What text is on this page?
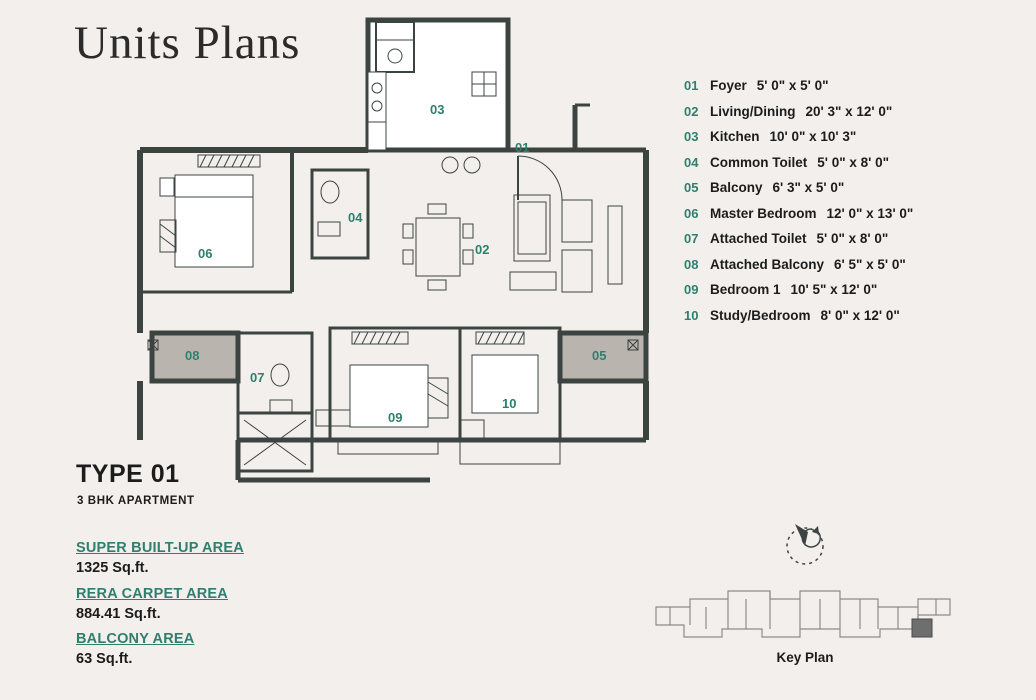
Units Plans
03
01
04
02
06
08	05
07
09
10
01 Foyer 5' 0" x 5' 0"
02 Living/Dining 20' 3" x 12' 0"
03 Kitchen 10' 0" x 10' 3"
04 Common Toilet 5' 0" x 8' 0"
05 Balcony 6' 3" x 5' 0"
06 Master Bedroom 12' 0" x 13' 0"
07 Attached Toilet 5' 0" x 8' 0"
08 Attached Balcony 6' 5" x 5' 0"
09 Bedroom 1 10' 5" x 12' 0"
10 Study/Bedroom 8' 0" x 12' 0"
TYPE 01
3 BHK APARTMENT
SUPER BUILT-UP AREA
1325 Sq.ft.
RERA CARPET AREA
884.41 Sq.ft.
BALCONY AREA
63 Sq.ft.	Key Plan
